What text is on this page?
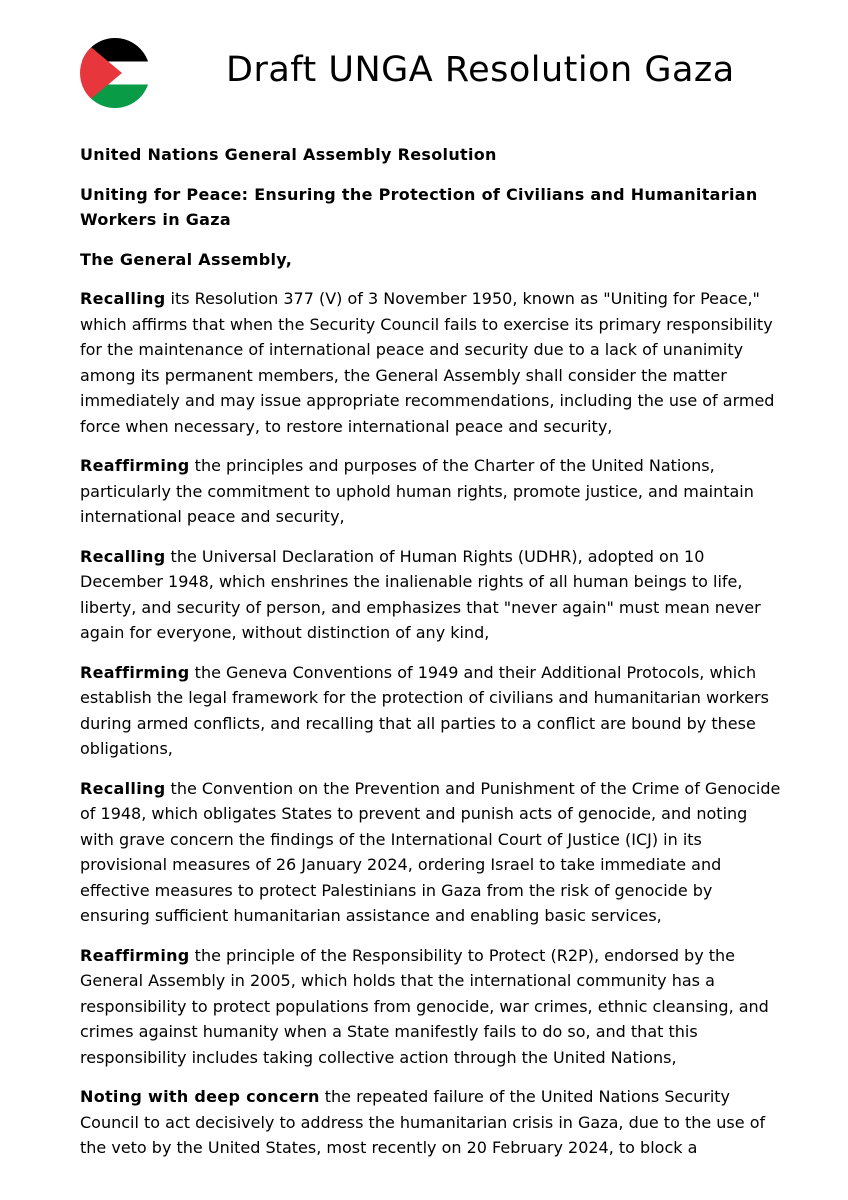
Draft UNGA Resolution Gaza

United Nations General Assembly Resolution

Uniting for Peace: Ensuring the Protection of Civilians and Humanitarian Workers in Gaza

The General Assembly,

Recalling its Resolution 377 (V) of 3 November 1950, known as "Uniting for Peace," which affirms that when the Security Council fails to exercise its primary responsibility for the maintenance of international peace and security due to a lack of unanimity among its permanent members, the General Assembly shall consider the matter immediately and may issue appropriate recommendations, including the use of armed force when necessary, to restore international peace and security,

Reaffirming the principles and purposes of the Charter of the United Nations, particularly the commitment to uphold human rights, promote justice, and maintain international peace and security,

Recalling the Universal Declaration of Human Rights (UDHR), adopted on 10 December 1948, which enshrines the inalienable rights of all human beings to life, liberty, and security of person, and emphasizes that "never again" must mean never again for everyone, without distinction of any kind,

Reaffirming the Geneva Conventions of 1949 and their Additional Protocols, which establish the legal framework for the protection of civilians and humanitarian workers during armed conflicts, and recalling that all parties to a conflict are bound by these obligations,

Recalling the Convention on the Prevention and Punishment of the Crime of Genocide of 1948, which obligates States to prevent and punish acts of genocide, and noting with grave concern the findings of the International Court of Justice (ICJ) in its provisional measures of 26 January 2024, ordering Israel to take immediate and effective measures to protect Palestinians in Gaza from the risk of genocide by ensuring sufficient humanitarian assistance and enabling basic services,

Reaffirming the principle of the Responsibility to Protect (R2P), endorsed by the General Assembly in 2005, which holds that the international community has a responsibility to protect populations from genocide, war crimes, ethnic cleansing, and crimes against humanity when a State manifestly fails to do so, and that this responsibility includes taking collective action through the United Nations,

Noting with deep concern the repeated failure of the United Nations Security Council to act decisively to address the humanitarian crisis in Gaza, due to the use of the veto by the United States, most recently on 20 February 2024, to block a
